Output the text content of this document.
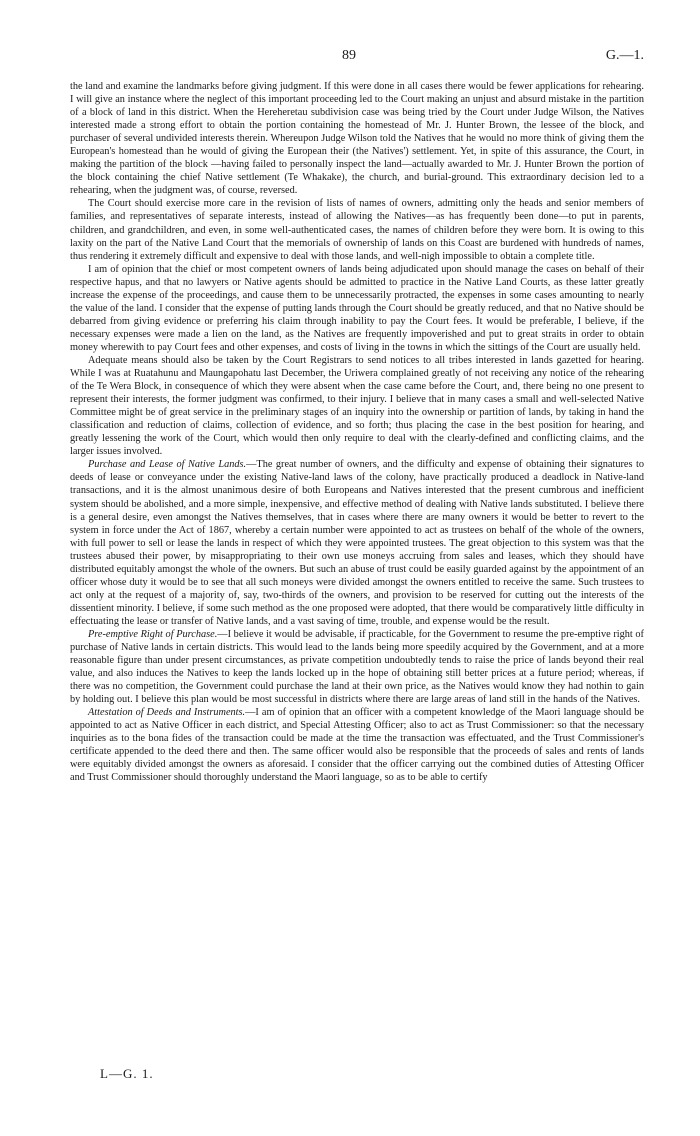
89	G.—1.

the land and examine the landmarks before giving judgment. If this were done in all cases there would be fewer applications for rehearing. I will give an instance where the neglect of this important proceeding led to the Court making an unjust and absurd mistake in the partition of a block of land in this district. When the Hereheretau subdivision case was being tried by the Court under Judge Wilson, the Natives interested made a strong effort to obtain the portion containing the homestead of Mr. J. Hunter Brown, the lessee of the block, and purchaser of several undivided interests therein. Whereupon Judge Wilson told the Natives that he would no more think of giving them the European's homestead than he would of giving the European their (the Natives') settlement. Yet, in spite of this assurance, the Court, in making the partition of the block —having failed to personally inspect the land—actually awarded to Mr. J. Hunter Brown the portion of the block containing the chief Native settlement (Te Whakake), the church, and burial-ground. This extraordinary decision led to a rehearing, when the judgment was, of course, reversed.

The Court should exercise more care in the revision of lists of names of owners, admitting only the heads and senior members of families, and representatives of separate interests, instead of allowing the Natives—as has frequently been done—to put in parents, children, and grandchildren, and even, in some well-authenticated cases, the names of children before they were born. It is owing to this laxity on the part of the Native Land Court that the memorials of ownership of lands on this Coast are burdened with hundreds of names, thus rendering it extremely difficult and expensive to deal with those lands, and well-nigh impossible to obtain a complete title.

I am of opinion that the chief or most competent owners of lands being adjudicated upon should manage the cases on behalf of their respective hapus, and that no lawyers or Native agents should be admitted to practice in the Native Land Courts, as these latter greatly increase the expense of the proceedings, and cause them to be unnecessarily protracted, the expenses in some cases amounting to nearly the value of the land. I consider that the expense of putting lands through the Court should be greatly reduced, and that no Native should be debarred from giving evidence or preferring his claim through inability to pay the Court fees. It would be preferable, I believe, if the necessary expenses were made a lien on the land, as the Natives are frequently impoverished and put to great straits in order to obtain money wherewith to pay Court fees and other expenses, and costs of living in the towns in which the sittings of the Court are usually held.

Adequate means should also be taken by the Court Registrars to send notices to all tribes interested in lands gazetted for hearing. While I was at Ruatahunu and Maungapohatu last December, the Uriwera complained greatly of not receiving any notice of the rehearing of the Te Wera Block, in consequence of which they were absent when the case came before the Court, and, there being no one present to represent their interests, the former judgment was confirmed, to their injury. I believe that in many cases a small and well-selected Native Committee might be of great service in the preliminary stages of an inquiry into the ownership or partition of lands, by taking in hand the classification and reduction of claims, collection of evidence, and so forth; thus placing the case in the best position for hearing, and greatly lessening the work of the Court, which would then only require to deal with the clearly-defined and conflicting claims, and the larger issues involved.

Purchase and Lease of Native Lands.—The great number of owners, and the difficulty and expense of obtaining their signatures to deeds of lease or conveyance under the existing Native-land laws of the colony, have practically produced a deadlock in Native-land transactions, and it is the almost unanimous desire of both Europeans and Natives interested that the present cumbrous and inefficient system should be abolished, and a more simple, inexpensive, and effective method of dealing with Native lands substituted. I believe there is a general desire, even amongst the Natives themselves, that in cases where there are many owners it would be better to revert to the system in force under the Act of 1867, whereby a certain number were appointed to act as trustees on behalf of the whole of the owners, with full power to sell or lease the lands in respect of which they were appointed trustees. The great objection to this system was that the trustees abused their power, by misappropriating to their own use moneys accruing from sales and leases, which they should have distributed equitably amongst the whole of the owners. But such an abuse of trust could be easily guarded against by the appointment of an officer whose duty it would be to see that all such moneys were divided amongst the owners entitled to receive the same. Such trustees to act only at the request of a majority of, say, two-thirds of the owners, and provision to be reserved for cutting out the interests of the dissentient minority. I believe, if some such method as the one proposed were adopted, that there would be comparatively little difficulty in effectuating the lease or transfer of Native lands, and a vast saving of time, trouble, and expense would be the result.

Pre-emptive Right of Purchase.—I believe it would be advisable, if practicable, for the Government to resume the pre-emptive right of purchase of Native lands in certain districts. This would lead to the lands being more speedily acquired by the Government, and at a more reasonable figure than under present circumstances, as private competition undoubtedly tends to raise the price of lands beyond their real value, and also induces the Natives to keep the lands locked up in the hope of obtaining still better prices at a future period; whereas, if there was no competition, the Government could purchase the land at their own price, as the Natives would know they had nothin to gain by holding out. I believe this plan would be most successful in districts where there are large areas of land still in the hands of the Natives.

Attestation of Deeds and Instruments.—I am of opinion that an officer with a competent knowledge of the Maori language should be appointed to act as Native Officer in each district, and Special Attesting Officer; also to act as Trust Commissioner: so that the necessary inquiries as to the bona fides of the transaction could be made at the time the transaction was effectuated, and the Trust Commissioner's certificate appended to the deed there and then. The same officer would also be responsible that the proceeds of sales and rents of lands were equitably divided amongst the owners as aforesaid. I consider that the officer carrying out the combined duties of Attesting Officer and Trust Commissioner should thoroughly understand the Maori language, so as to be able to certify

L—G. 1.
